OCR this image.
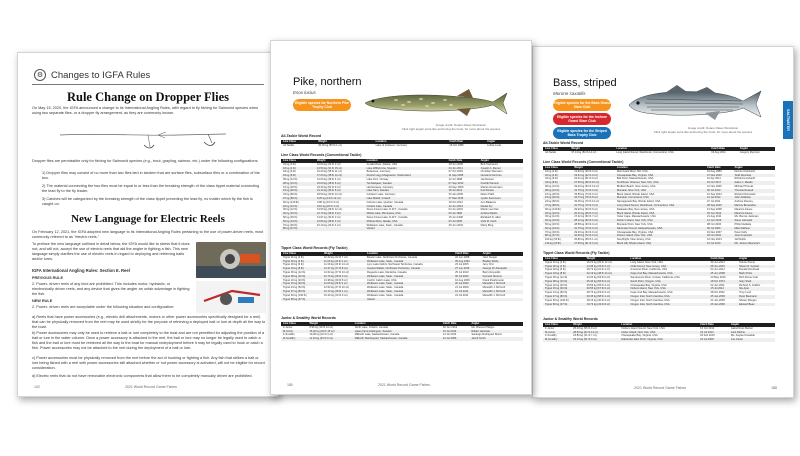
⚙ Changes to IGFA Rules
Rule Change on Dropper Flies
On May 15, 2020, the IGFA announced a change to its International Angling Rules, with regard to fly fishing for Salmonid species when using two separate flies, or a dropper fly arrangement, as they are commonly known.
Dropper flies are permissible only for fishing for Salmonid species (e.g., trout, grayling, salmon, etc.) under the following configurations:
1) Dropper flies may consist of no more than two flies tied in tandem that are surface flies, subsurface flies or a combination of the two.
2) The material connecting the two flies must be equal to or less than the breaking strength of the class tippet material connecting the lead fly to the fly leader.
3) Catches will be categorized by the breaking strength of the class tippet preceding the lead fly, no matter which fly the fish is caught on.
New Language for Electric Reels
On February 12, 2021, the IGFA adopted new language to its International Angling Rules pertaining to the use of power-driven reels, most commonly referred to as "electric reels."
To preface the new language outlined in detail below, the IGFA would like to stress that it does not, and will not, accept the use of electric reels that aid the angler in fighting a fish. This new language simply clarifies the use of electric reels in regard to deploying and retrieving baits and/or lures.
IGFA International Angling Rules: Section E. Reel
PREVIOUS RULE
2. Power- driven reels of any kind are prohibited. This includes motor, hydraulic, or electronically driven reels, and any device that gives the angler an unfair advantage in fighting the fish.
NEW RULE
2. Power- driven reels are acceptable under the following situation and configuration:
a) Reels that have power accessories (e.g., electric drill attachments, motors or other power accessories specifically designed for a reel) that can be physically removed from the reel may be used strictly for the purpose of retrieving a deployed bait or lure at depth all the way to the boat.
b) Power accessories may only be used to retrieve a bait or lure completely to the boat and are not permitted for adjusting the position of a bait or lure in the water column. Once a power accessory is attached to the reel, the bait or lure may no longer be legally used to catch a fish and the bait or lure must be retrieved all the way to the boat for manual redeployment before it may be legally used to hook or catch a fish. Power accessories may not be attached to the reel during the deployment of a bait or lure.
c) Power accessories must be physically removed from the reel before the act of hooking or fighting a fish. Any fish that strikes a bait or lure being fished with a reel with power accessories still attached whether or not power accessory is activated, will not be eligible for record consideration.
d) Electric reels that do not have removable electronic components that allow them to be completely manually driven are prohibited.
102	2021 World Record Game Fishes
Pike, northern
Esox lucius
Eligible species for Northern Pike Trophy Club
Image credit: Duane Raver Illustration
Click right angle/ point-like anchoring the hook, for more about the species
All-Tackle World Record
Line Class	Weight	Location	Catch Date	Angler
All-Tackle	25.00 kg (55 lb 1 oz)	Lake of Grefeern, Germany	16 Oct 1986	Lothar Louis
Line Class World Records (Conventional Tackle)
Line Class	Weight	Location	Catch Date	Angler
01 kg (2 lb)	10.50 kg (23 lb 2 oz)	Amalia River, Alaska, USA	18 Jun 2000	Bob Townsend
02 kg (4 lb)	14.50 kg (31 lb 15 oz)	Lake Wilhelmina, Sweden	24 Jun 2011	Joseph A. Ziemer
03 kg (6 lb)	16.20 kg (35 lb 11 oz)	Bodensee, Germany	07 Oct 2003	Christian Wiemann
04 kg (8 lb)	17.60 kg (38 lb 12 oz)	Ruohio Lagg Shagewoon, Switzerland	11 Sep 2008	Giovanni Fenzinio
06 kg (12 lb)	21.00 kg (46 lb 4 oz)	Lake Kinn, Norway	12 Jul 1998	Jan Roeser
08 kg (16 lb)	22.00 kg (48 lb 8 oz)	Tenhaliojaan, Sweden	07 Sep 2012	Fredrik Parsson
10 kg (20 lb)	23.40 kg (51 lb 9 oz)	Harnstussee, Germany	20 Sep 2009	Manko Grossmann
15 kg (30 lb)	21.10 kg (46 lb 8 oz)	Lake Sam, Sweden	18 Jul 2014	Karl Dixsee
24 kg (50 lb)	18.50 kg (40 lb 13 oz)	Grefeern Lake, Germany	30 Jan 2005	Dieter Pfahl
37 kg (80 lb)	6.25 kg (13 lb 12 oz)	Lake Mikelli, Finland	27 Mar 2015	Jyukin Karmonen
60 kg (130 lb)	4.80 kg (10 lb 9 oz)	Gilmore Lake, Quebec, Canada	18 Oct 2012	Ano Balaenis
20 kg (10 lb)	9.10 kg (20 lb 1 oz)	Ontario Lake, Canada	12 Jun 2014	Daniel Fry
30 kg (12 lb)	13.50 kg (29 lb 12 oz)	Stone Forest Lake, N.W.T., Canada	04 Jun 2001	Martin Lee Filer
40 kg (16 lb)	12.70 kg (28 lb 0 oz)	Dibble Lake, Minnesota, USA	06 Jul 1990	Andrew Ripkin
50 kg (20 lb)	14.97 kg (33 lb 0 oz)	Stone Forest Lake, N.W.T., Canada	15 Jun 1996	Elizabeth D. Allen
60 kg (24 lb)	12.80 kg (28 lb 3 oz)	McRue River, Alaska, USA	03 Jul 2005	Vicki M. Keith
70 kg (30 lb)	10.10 kg (22 lb 4 oz)	Wollaston Lake, Sask., Canada	25 Jun 2002	Marty Berg
80 kg (37 lb)		Vacant		
Tippet Class World Records (Fly Tackle)
Line Class	Weight	Location	Catch Date	Angler
Tippet 01 kg (2 lb)	10.20 kg (22 lb 7 oz)	Bowen Lake, Northwest Territories, Canada	22 Jun 2008	John Steiger
Tippet 02 kg (4 lb)	11.00 kg (24 lb 4 oz)	Wollaston Lake, Sask., Canada	05 Aug 1994	Bradley Bolby
Tippet 03 kg (6 lb)	11.30 kg (24 lb 14 oz)	Lynx Lake Nahini, Northwest Territories, Canada	23 Jul 2005	Jerry Frid
Tippet 04 kg (8 lb)	12.47 kg (27 lb 8 oz)	Jessica Walker, Northwest Territories, Canada	27 Jun 2015	George W. Alexander
Tippet 06 kg (12 lb)	12.62 kg (27 lb 13 oz)	Reguette Lake, Manitoba, Canada	25 Jul 2010	Barry Reynolds
Tippet 08 kg (16 lb)	12.70 kg (28 lb 0 oz)	Wollaston Lake, Sask., Canada	06 Jul 2000	Kenneth Abrams
Tippet 10 kg (20 lb)	13.38 kg (29 lb 8 oz)	Cochin Cabrin Lake, USA	16 Aug 2006	Frank Pearlsmerei
Tippet 15 kg (30 lb)	11.60 kg (25 lb 9 oz)	Wollaston Lake, Sask., Canada	20 Jul 2009	Meredith J. McCord
Tippet 24 kg (50 lb)	12.53 kg (27 lb 10 oz)	Wollaston Lake, Sask., Canada	21 Jul 2009	Meredith J. McCord
Tippet 37 kg (80 lb)	12.72 kg (28 lb 1 oz)	Wollaston Lake, Sask., Canada	12 Jul 2011	Meredith J. McCord
Tippet 60 kg (130 lb)	10.43 kg (23 lb 0 oz)	Wollaston Lake, Sask., Canada	24 Jul 2011	Meredith J. McCord
Tippet 80 kg (37 lb)		Vacant		
Junior & Smallfry World Records
Line Class	Weight	Location	Catch Date	Angler
F-Junior	8.96 kg (19 lb 12 oz)	North Lake, Ontario, Canada	02 Jun 2012	Ms. Breona Philipps
M-Junior	15.40 kg (33 lb 15 oz)	Lakes Fjord Gattingern, Sweden	16 Jul 2014	Ridder Harvolek
F-Smallfry	10.00 kg (22 lb 0 oz)	Milliceth Lake, Saskatchewan, Canada	14 Jul 2014	Santiago Rodriguez Muniz
M-Smallfry	11.34 kg (25 lb 0 oz)	Milliceth Manhaywell, Saskatchewan, Canada	21 Jul 2006	Jacob Smith
180	2021 World Record Game Fishes
SALTWATER
Bass, striped
Morone saxatilis
Eligible species for the Bass Grand Slam Club
Eligible species for the Inshore Grand Slam Club
Eligible species for the Striped Bass Trophy Club
Image credit: Duane Raver Illustration
Click right angle/ point-like anchoring the hook, for more about the species
All-Tackle World Record
Line Class	Weight	Location	Catch Date	Angler
All-Tackle	37.14 kg (81 lb 14 oz)	Long Island Sound, Westbrook, Connecticut, USA	04 Aug 2011	Gregory Myerson
Line Class World Records (Conventional Tackle)
Line Class	Weight	Location	Catch Date	Angler
01 kg (2 lb)	13.60 kg (30 lb 0 oz)	Merrimack River, MA, USA	19 Aug 1989	Dennis Chartrand
02 kg (4 lb)	19.31 kg (42 lb 9 oz)	Chesapeake Bay, Virginia, USA	27 Dec 2012	Todd Doucette
03 kg (6 lb)	23.41 kg (51 lb 9 oz)	Bell Point, Massachusetts, USA	12 Apr 2011	Richard Lombardi
04 kg (8 lb)	27.05 kg (59 lb 10 oz)	Smithtown Channel, New York, USA	15 Oct 2017	Adam J. Meade
06 kg (12 lb)	29.40 kg (64 lb 13 oz)	Birdfeet Beach, New Jersey, USA	12 Nov 2006	Michael Thomas
08 kg (16 lb)	31.75 kg (70 lb 0 oz)	Montauk, New York, USA	30 Jul 2013	Thomas Russell
10 kg (20 lb)	33.56 kg (74 lb 0 oz)	Block Island, Rhode Island, USA	12 Sep 2014	Richard Ostrowski
15 kg (30 lb)	34.70 kg (76 lb 8 oz)	Montauk, Connecticut, USA	14 Jul 2012	John Addeline
24 kg (50 lb)	33.45 kg (73 lb 12 oz)	Narragansett Bay, Rhode Island, USA	27 Jul 2011	Andrew Rooney
37 kg (80 lb)	31.75 kg (70 lb 0 oz)	Long Island Sound, Westbrook, Connecticut, USA	28 Sep 2015	Marcos Benavides
60 kg (130 lb)	29.20 kg (64 lb 6 oz)	Delaware Bay, New Jersey, USA	13 Sep 2008	Mauricio Kaune
20 kg (10 lb)	20.41 kg (45 lb 0 oz)	Block Island, Rhode Island, USA	04 Jun 2014	Mauricio Kaune
30 kg (12 lb)	27.42 kg (60 lb 7 oz)	Outer Cape, Massachusetts, USA	21 Aug 2011	Ms. Bonnie Jackman
40 kg (16 lb)	28.12 kg (62 lb 0 oz)	Fisher's Island, New York, USA	14 Jun 2016	Steve Garneski
50 kg (20 lb)	28.58 kg (63 lb 0 oz)	Montauk Point, New York, USA	08 Oct 2015	Philip Nardelle
60 kg (24 lb)	31.75 kg (70 lb 0 oz)	Nantucket Sound, Massachusetts, USA	09 Jul 2009	Mike Mathew
70 kg (30 lb)	29.03 kg (64 lb 0 oz)	Chesapeake Bay, Virginia, USA	19 Dec 2007	Peter Kelly
80 kg (37 lb)	32.65 kg (72 lb 0 oz)	Fishers Island, New York, USA	03 Oct 2010	Jose Kopeinick
100 kg (50 lb)	26.80 kg (59 lb 1 oz)	Sea Bright, New Jersey, USA	12 Nov 2013	Jeff Rubin
130 kg (60 lb)	27.69 kg (61 lb 0 oz)	Block Hill, Rhode Island, USA	14 Jul 2010	Ms. Janice Mauceriell
Tippet Class World Records (Fly Tackle)
Line Class	Weight	Location	Catch Date	Angler
Tippet 01 kg (2 lb)	16.22 kg (35 lb 12 oz)	Long Island, New York, USA	30 Jun 2013	Kramer Kemp
Tippet 02 kg (4 lb)	14.96 kg (33 lb 0 oz)	Orilla Sound, New Jersey, USA	08 Jun 2015	Shaun R. Kessler
Tippet 03 kg (6 lb)	18.72 kg (41 lb 4 oz)	American River, California, USA	04 Jun 2014	Donald Hornbeak
Tippet 04 kg (8 lb)	22.19 kg (48 lb 14 oz)	Cape Cod Bay, Massachusetts, USA	25 Jun 2008	Mark Pirolo
Tippet 06 kg (12 lb)	24.04 kg (53 lb 0 oz)	Sacramento River, Colusa, California, USA	23 May 2016	Rich Rome Cole
Tippet 08 kg (16 lb)	25.40 kg (56 lb 0 oz)	South Point, Oregon, USA	18 Oct 1974	Gary Shell
Tippet 10 kg (20 lb)	29.59 kg (65 lb 4 oz)	Chesapeake Bay, Virginia, USA	02 Jan 2011	Richard S. Grabitz
Tippet 15 kg (30 lb)	30.55 kg (67 lb 6 oz)	Fishers Island, New York, USA	15 Jul 2012	Stu Apte
Tippet 24 kg (50 lb)	28.76 kg (63 lb 6 oz)	Cape Cod Bay, Massachusetts, USA	08 Oct 2002	Tony Lund
Tippet 37 kg (80 lb)	26.35 kg (58 lb 1 oz)	Oregon Inlet, North Carolina, USA	25 Jan 2006	Ryan Baumann
Tippet 60 kg (130 lb)	18.16 kg (40 lb 0 oz)	Oregon Inlet, North Carolina, USA	21 Jan 2005	Shawn Morgan
Tippet 80 kg (37 lb)	19.73 kg (43 lb 8 oz)	Oregon Inlet, North Carolina, USA	26 Jan 2006	Edward Bean
Junior & Smallfry World Records
Line Class	Weight	Location	Catch Date	Angler
F-Junior	25.40 kg (56 lb 0 oz)	Fishers Island Sound, New York, USA	16 Oct 2014	Isabel Ross Barber
M-Junior	28.50 kg (62 lb 13 oz)	Fisher Island, New York, USA	22 Jul 2013	Jack Ritchie
F-Smallfry	18.80 kg (41 lb 7 oz)	Chesapeake Bay, Virginia, USA	04 Feb 2015	Ms. Kaylee Kowalski
M-Smallfry	23.13 kg (51 lb 0 oz)	Dahlander East Point, Virginia, USA	24 Jul 2008	Joe Carter
2021 World Record Game Fishes	188
